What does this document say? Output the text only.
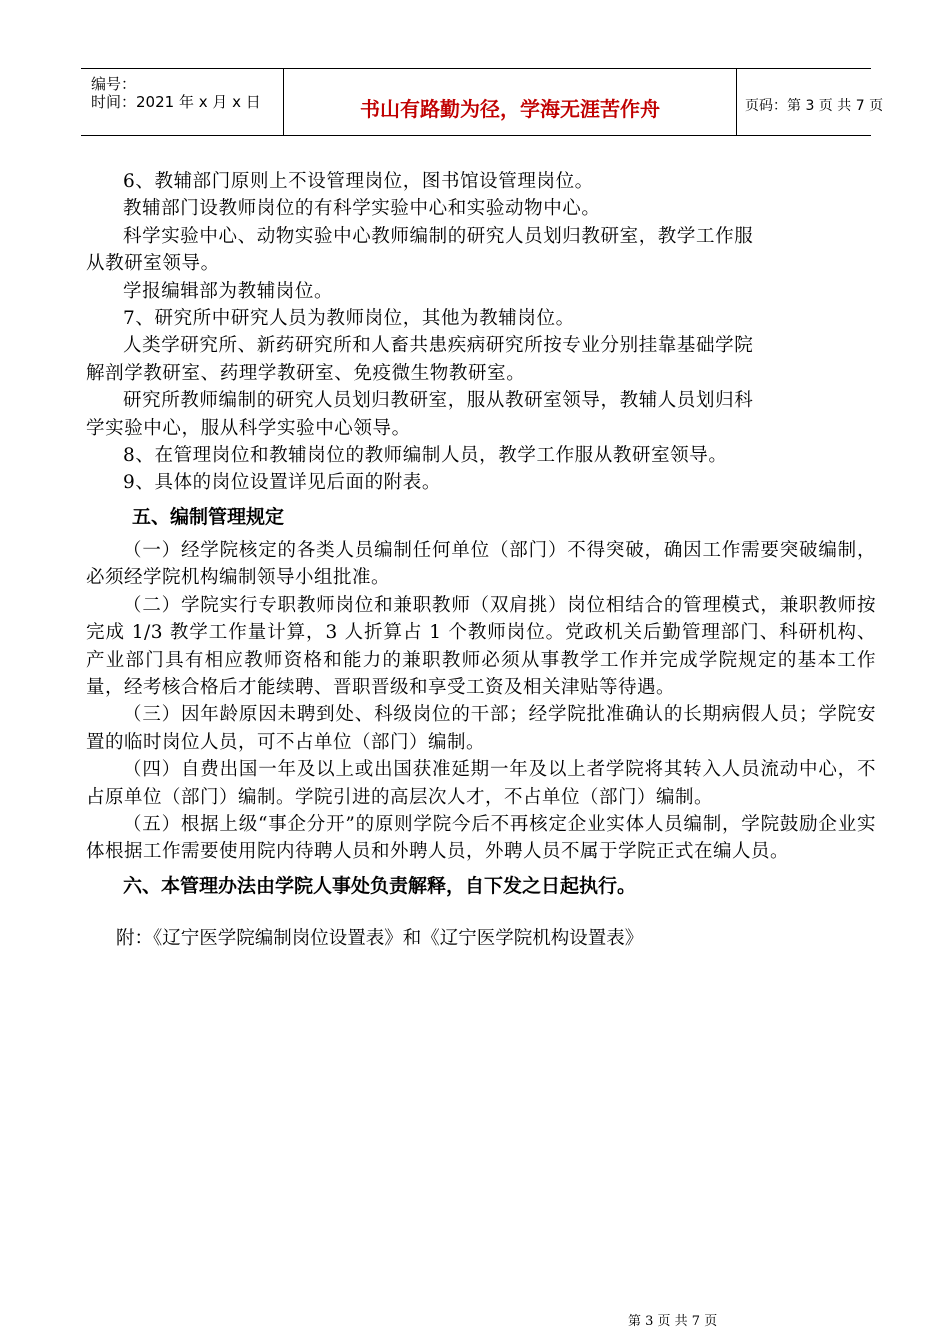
编号：
时间：2021 年 x 月 x 日	书山有路勤为径，学海无涯苦作舟	页码：第 3 页 共 7 页
6、教辅部门原则上不设管理岗位，图书馆设管理岗位。
教辅部门设教师岗位的有科学实验中心和实验动物中心。
科学实验中心、动物实验中心教师编制的研究人员划归教研室，教学工作服
从教研室领导。
学报编辑部为教辅岗位。
7、研究所中研究人员为教师岗位，其他为教辅岗位。
人类学研究所、新药研究所和人畜共患疾病研究所按专业分别挂靠基础学院
解剖学教研室、药理学教研室、免疫微生物教研室。
研究所教师编制的研究人员划归教研室，服从教研室领导，教辅人员划归科
学实验中心，服从科学实验中心领导。
8、在管理岗位和教辅岗位的教师编制人员，教学工作服从教研室领导。
9、具体的岗位设置详见后面的附表。
五、编制管理规定
（一）经学院核定的各类人员编制任何单位（部门）不得突破，确因工作需要突破编制，必须经学院机构编制领导小组批准。
（二）学院实行专职教师岗位和兼职教师（双肩挑）岗位相结合的管理模式，兼职教师按完成 1/3 教学工作量计算，3 人折算占 1 个教师岗位。党政机关后勤管理部门、科研机构、产业部门具有相应教师资格和能力的兼职教师必须从事教学工作并完成学院规定的基本工作量，经考核合格后才能续聘、晋职晋级和享受工资及相关津贴等待遇。
（三）因年龄原因未聘到处、科级岗位的干部；经学院批准确认的长期病假人员；学院安置的临时岗位人员，可不占单位（部门）编制。
（四）自费出国一年及以上或出国获准延期一年及以上者学院将其转入人员流动中心，不占原单位（部门）编制。学院引进的高层次人才，不占单位（部门）编制。
（五）根据上级“事企分开”的原则学院今后不再核定企业实体人员编制，学院鼓励企业实体根据工作需要使用院内待聘人员和外聘人员，外聘人员不属于学院正式在编人员。
六、本管理办法由学院人事处负责解释，自下发之日起执行。
附：《辽宁医学院编制岗位设置表》和《辽宁医学院机构设置表》
第 3 页 共 7 页
